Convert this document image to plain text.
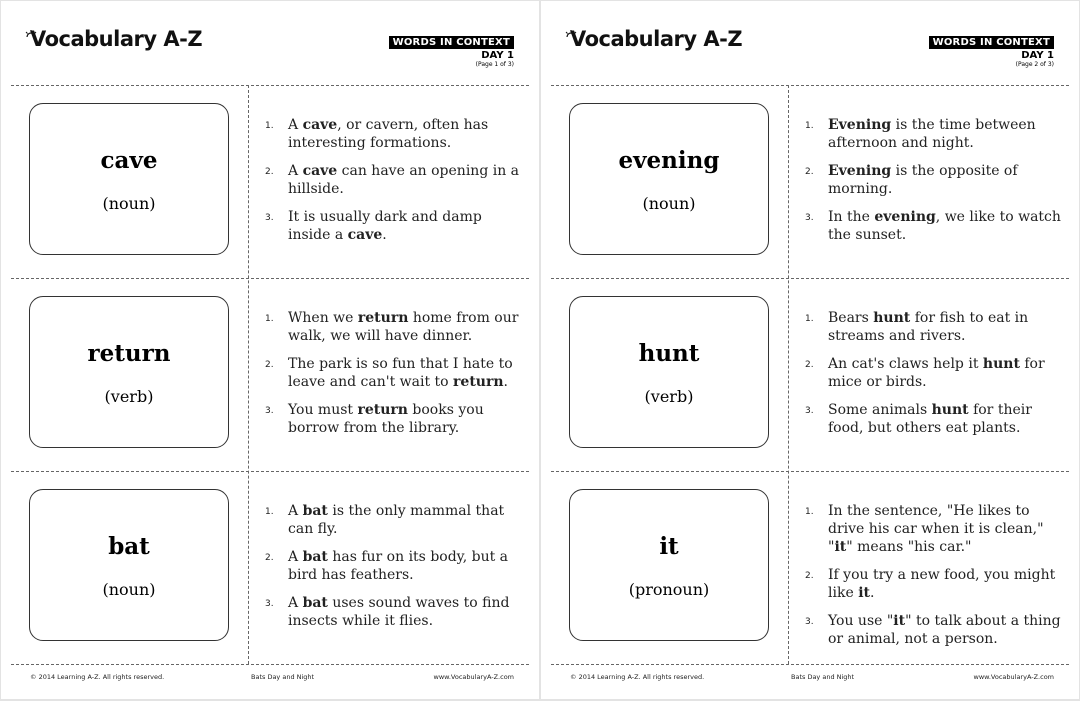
Vocabulary A-Z	WORDS IN CONTEXT

DAY 1
(Page 1 of 3)
cave
(noun)
1. A cave, or cavern, often has interesting formations.
2. A cave can have an opening in a hillside.
3. It is usually dark and damp inside a cave.
return
(verb)
1. When we return home from our walk, we will have dinner.
2. The park is so fun that I hate to leave and can't wait to return.
3. You must return books you borrow from the library.
bat
(noun)
1. A bat is the only mammal that can fly.
2. A bat has fur on its body, but a bird has feathers.
3. A bat uses sound waves to find insects while it flies.
© 2014 Learning A-Z. All rights reserved.	Bats Day and Night	www.VocabularyA-Z.com
Vocabulary A-Z	WORDS IN CONTEXT

DAY 1
(Page 2 of 3)
evening
(noun)
1. Evening is the time between afternoon and night.
2. Evening is the opposite of morning.
3. In the evening, we like to watch the sunset.
hunt
(verb)
1. Bears hunt for fish to eat in streams and rivers.
2. An cat's claws help it hunt for mice or birds.
3. Some animals hunt for their food, but others eat plants.
it
(pronoun)
1. In the sentence, "He likes to drive his car when it is clean," "it" means "his car."
2. If you try a new food, you might like it.
3. You use "it" to talk about a thing or animal, not a person.
© 2014 Learning A-Z. All rights reserved.	Bats Day and Night	www.VocabularyA-Z.com
